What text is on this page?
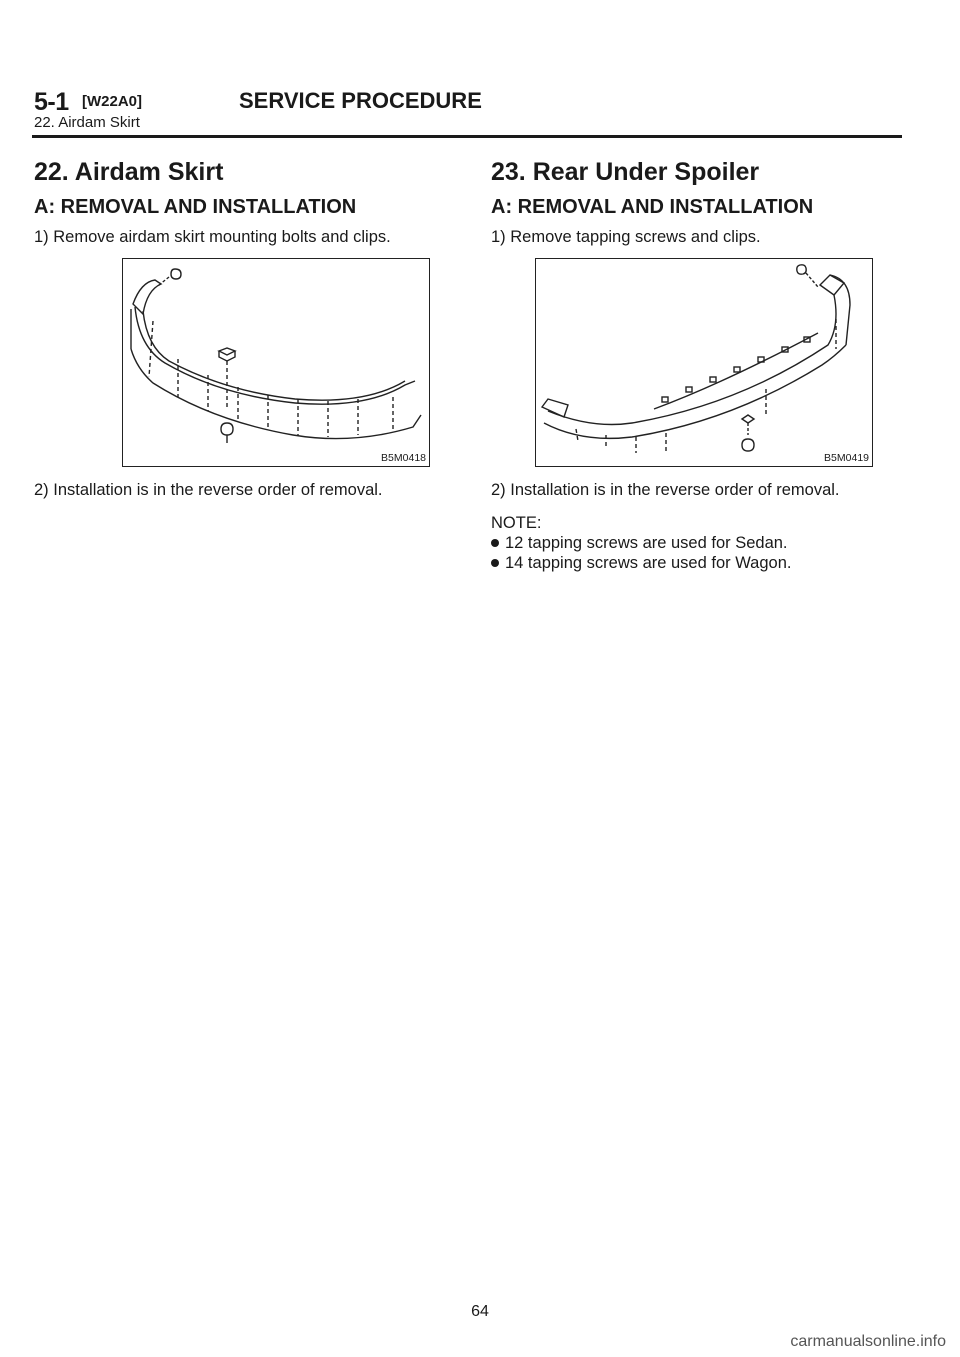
5-1 [W22A0]	SERVICE PROCEDURE
22. Airdam Skirt
22. Airdam Skirt
A: REMOVAL AND INSTALLATION
1) Remove airdam skirt mounting bolts and clips.
B5M0418
2) Installation is in the reverse order of removal.
23. Rear Under Spoiler
A: REMOVAL AND INSTALLATION
1) Remove tapping screws and clips.
B5M0419
2) Installation is in the reverse order of removal.
NOTE:
12 tapping screws are used for Sedan.
14 tapping screws are used for Wagon.
64
carmanualsonline.info
